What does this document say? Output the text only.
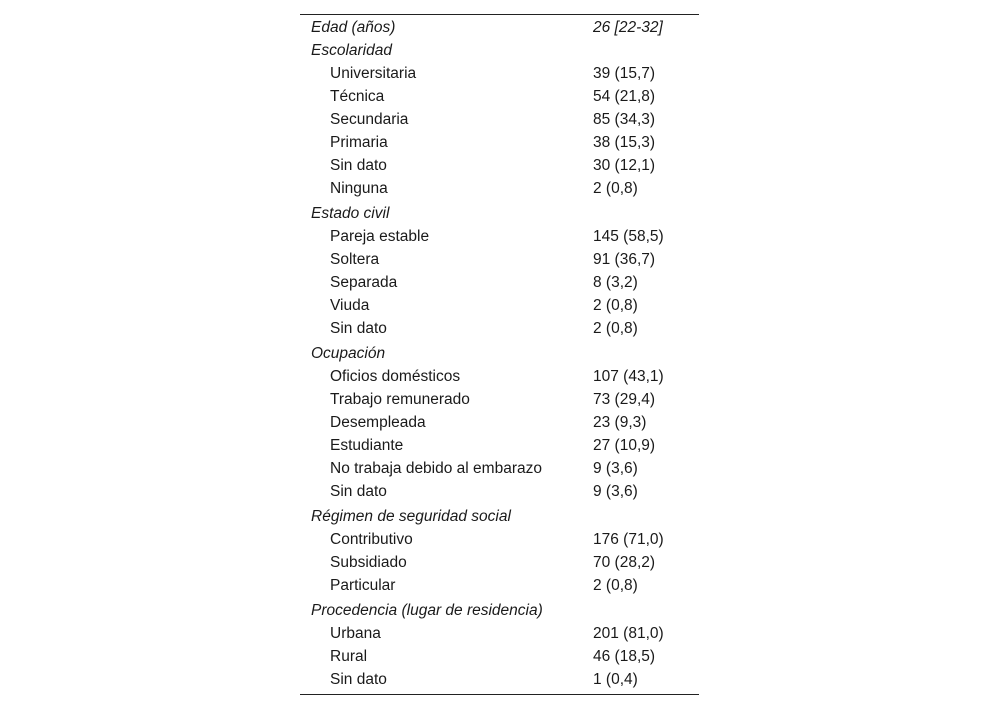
Edad (años)	26 [22-32]
Escolaridad
Universitaria	39 (15,7)
Técnica	54 (21,8)
Secundaria	85 (34,3)
Primaria	38 (15,3)
Sin dato	30 (12,1)
Ninguna	2 (0,8)
Estado civil
Pareja estable	145 (58,5)
Soltera	91 (36,7)
Separada	8 (3,2)
Viuda	2 (0,8)
Sin dato	2 (0,8)
Ocupación
Oficios domésticos	107 (43,1)
Trabajo remunerado	73 (29,4)
Desempleada	23 (9,3)
Estudiante	27 (10,9)
No trabaja debido al embarazo	9 (3,6)
Sin dato	9 (3,6)
Régimen de seguridad social
Contributivo	176 (71,0)
Subsidiado	70 (28,2)
Particular	2 (0,8)
Procedencia (lugar de residencia)
Urbana	201 (81,0)
Rural	46 (18,5)
Sin dato	1 (0,4)
